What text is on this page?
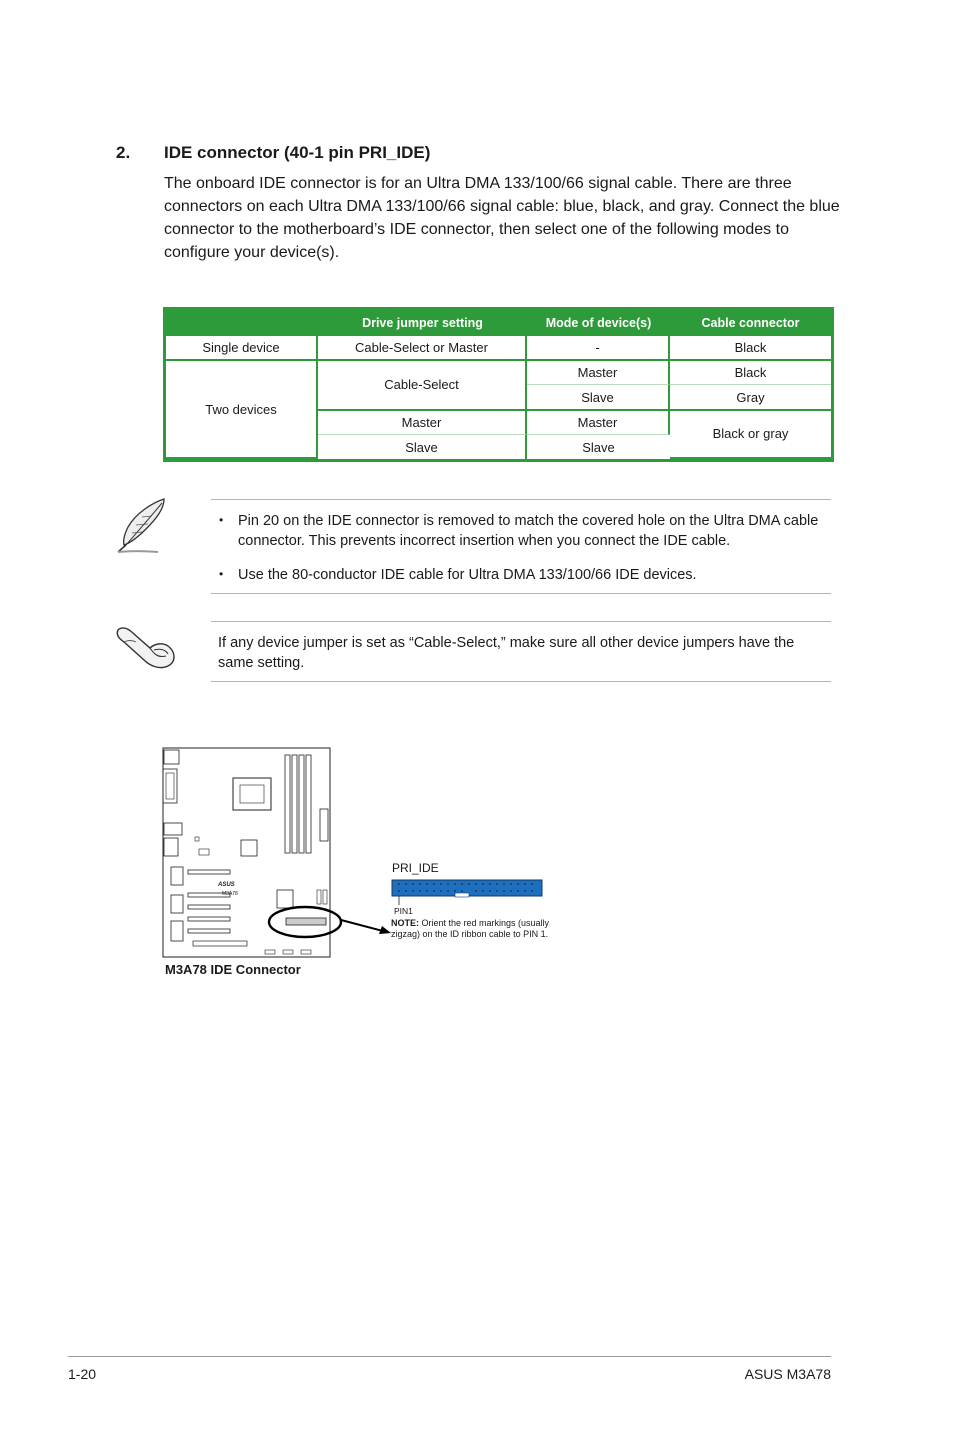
2. IDE connector (40-1 pin PRI_IDE)
The onboard IDE connector is for an Ultra DMA 133/100/66 signal cable. There are three connectors on each Ultra DMA 133/100/66 signal cable: blue, black, and gray. Connect the blue connector to the motherboard’s IDE connector, then select one of the following modes to configure your device(s).
	Drive jumper setting	Mode of device(s)	Cable connector
Single device	Cable-Select or Master	-	Black
Two devices	Cable-Select	Master	Black
		Slave	Gray
	Master	Master	Black or gray
	Slave	Slave	
• Pin 20 on the IDE connector is removed to match the covered hole on the Ultra DMA cable connector. This prevents incorrect insertion when you connect the IDE cable.
• Use the 80-conductor IDE cable for Ultra DMA 133/100/66 IDE devices.
If any device jumper is set as “Cable-Select,” make sure all other device jumpers have the same setting.
ASUS
M3A78
PRI_IDE
PIN1
NOTE: Orient the red markings (usually zigzag) on the ID ribbon cable to PIN 1.
M3A78 IDE Connector
1-20	ASUS M3A78
